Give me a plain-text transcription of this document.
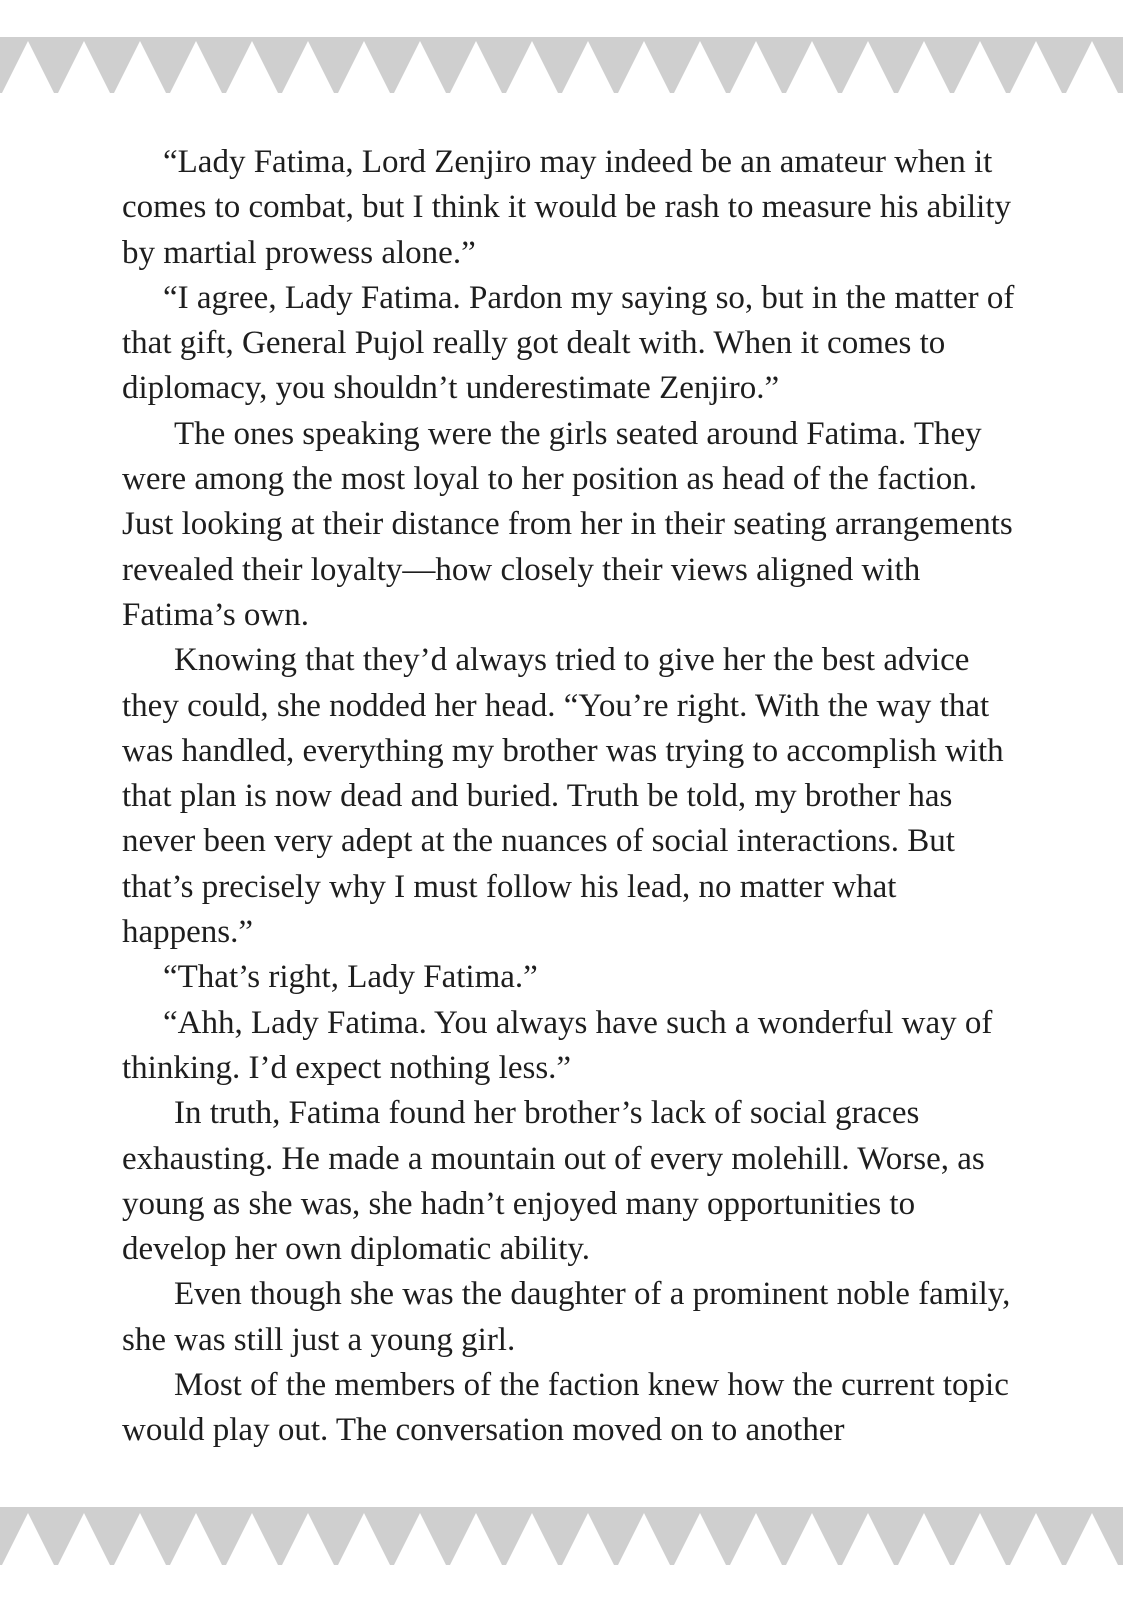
“Lady Fatima, Lord Zenjiro may indeed be an amateur when it comes to combat, but I think it would be rash to measure his ability by martial prowess alone.”

“I agree, Lady Fatima. Pardon my saying so, but in the matter of that gift, General Pujol really got dealt with. When it comes to diplomacy, you shouldn’t underestimate Zenjiro.”

The ones speaking were the girls seated around Fatima. They were among the most loyal to her position as head of the faction. Just looking at their distance from her in their seating arrangements revealed their loyalty—how closely their views aligned with Fatima’s own.

Knowing that they’d always tried to give her the best advice they could, she nodded her head. “You’re right. With the way that was handled, everything my brother was trying to accomplish with that plan is now dead and buried. Truth be told, my brother has never been very adept at the nuances of social interactions. But that’s precisely why I must follow his lead, no matter what happens.”

“That’s right, Lady Fatima.”

“Ahh, Lady Fatima. You always have such a wonderful way of thinking. I’d expect nothing less.”

In truth, Fatima found her brother’s lack of social graces exhausting. He made a mountain out of every molehill. Worse, as young as she was, she hadn’t enjoyed many opportunities to develop her own diplomatic ability.

Even though she was the daughter of a prominent noble family, she was still just a young girl.

Most of the members of the faction knew how the current topic would play out. The conversation moved on to another
